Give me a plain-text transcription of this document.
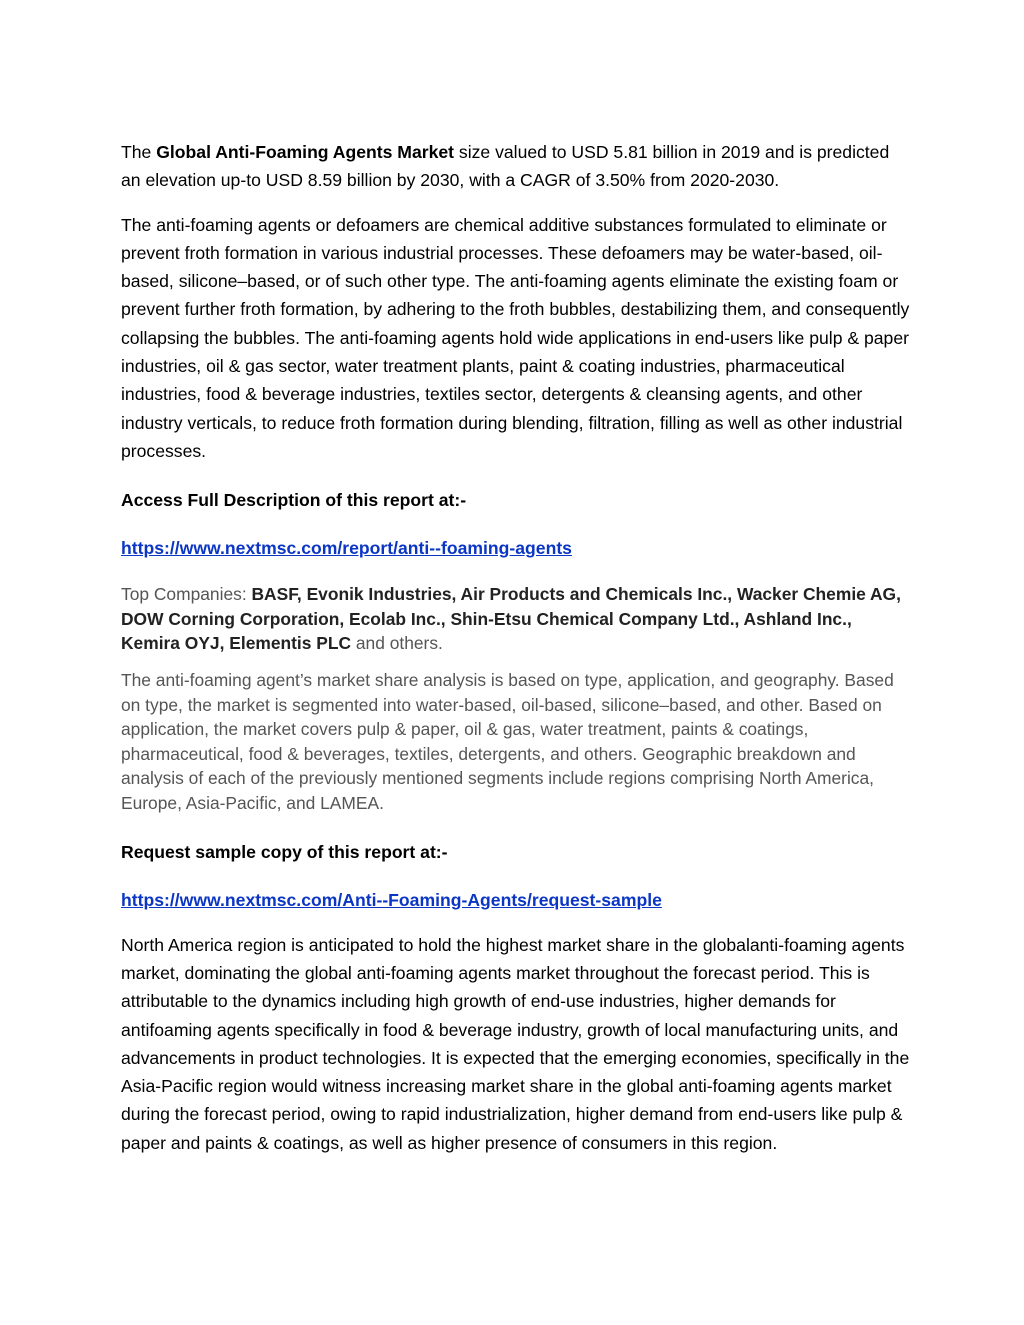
The Global Anti-Foaming Agents Market size valued to USD 5.81 billion in 2019 and is predicted an elevation up-to USD 8.59 billion by 2030, with a CAGR of 3.50% from 2020-2030.

The anti-foaming agents or defoamers are chemical additive substances formulated to eliminate or prevent froth formation in various industrial processes. These defoamers may be water-based, oil-based, silicone–based, or of such other type. The anti-foaming agents eliminate the existing foam or prevent further froth formation, by adhering to the froth bubbles, destabilizing them, and consequently collapsing the bubbles. The anti-foaming agents hold wide applications in end-users like pulp & paper industries, oil & gas sector, water treatment plants, paint & coating industries, pharmaceutical industries, food & beverage industries, textiles sector, detergents & cleansing agents, and other industry verticals, to reduce froth formation during blending, filtration, filling as well as other industrial processes.

Access Full Description of this report at:-

https://www.nextmsc.com/report/anti--foaming-agents

Top Companies: BASF, Evonik Industries, Air Products and Chemicals Inc., Wacker Chemie AG, DOW Corning Corporation, Ecolab Inc., Shin-Etsu Chemical Company Ltd., Ashland Inc., Kemira OYJ, Elementis PLC and others.

The anti-foaming agent’s market share analysis is based on type, application, and geography. Based on type, the market is segmented into water-based, oil-based, silicone–based, and other. Based on application, the market covers pulp & paper, oil & gas, water treatment, paints & coatings, pharmaceutical, food & beverages, textiles, detergents, and others. Geographic breakdown and analysis of each of the previously mentioned segments include regions comprising North America, Europe, Asia-Pacific, and LAMEA.

Request sample copy of this report at:-

https://www.nextmsc.com/Anti--Foaming-Agents/request-sample

North America region is anticipated to hold the highest market share in the globalanti-foaming agents market, dominating the global anti-foaming agents market throughout the forecast period. This is attributable to the dynamics including high growth of end-use industries, higher demands for antifoaming agents specifically in food & beverage industry, growth of local manufacturing units, and advancements in product technologies. It is expected that the emerging economies, specifically in the Asia-Pacific region would witness increasing market share in the global anti-foaming agents market during the forecast period, owing to rapid industrialization, higher demand from end-users like pulp & paper and paints & coatings, as well as higher presence of consumers in this region.
